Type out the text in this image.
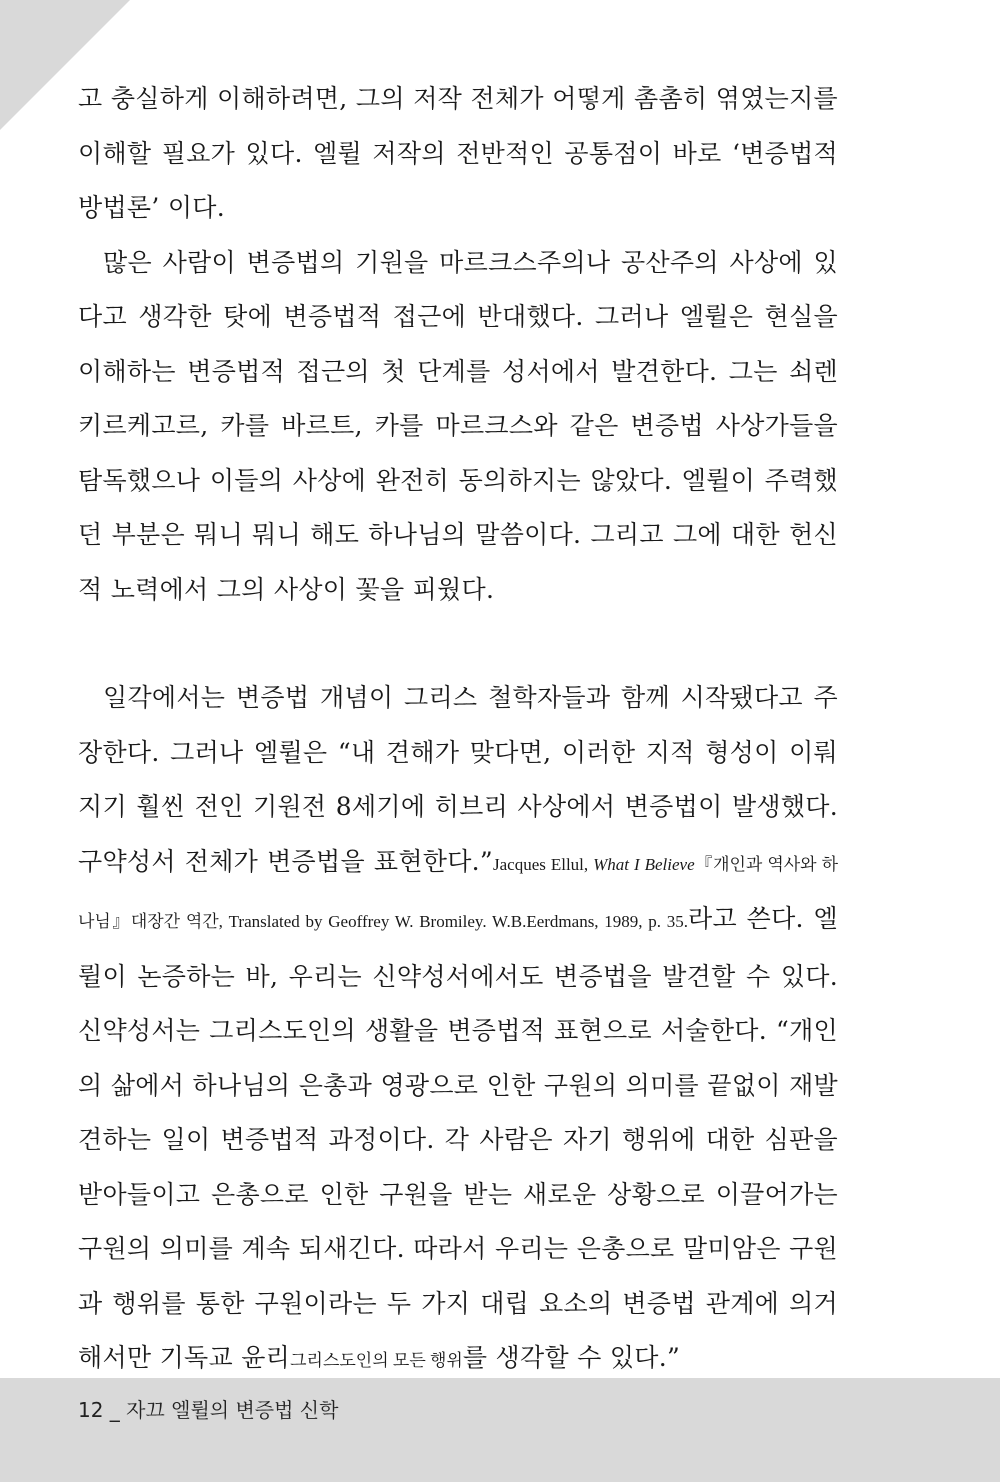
고 충실하게 이해하려면, 그의 저작 전체가 어떻게 촘촘히 엮였는지를 이해할 필요가 있다. 엘륄 저작의 전반적인 공통점이 바로 ‘변증법적 방법론’ 이다.

많은 사람이 변증법의 기원을 마르크스주의나 공산주의 사상에 있다고 생각한 탓에 변증법적 접근에 반대했다. 그러나 엘륄은 현실을 이해하는 변증법적 접근의 첫 단계를 성서에서 발견한다. 그는 쇠렌 키르케고르, 카를 바르트, 카를 마르크스와 같은 변증법 사상가들을 탐독했으나 이들의 사상에 완전히 동의하지는 않았다. 엘륄이 주력했던 부분은 뭐니 뭐니 해도 하나님의 말씀이다. 그리고 그에 대한 헌신적 노력에서 그의 사상이 꽃을 피웠다.

일각에서는 변증법 개념이 그리스 철학자들과 함께 시작됐다고 주장한다. 그러나 엘륄은 “내 견해가 맞다면, 이러한 지적 형성이 이뤄지기 훨씬 전인 기원전 8세기에 히브리 사상에서 변증법이 발생했다. 구약성서 전체가 변증법을 표현한다.”Jacques Ellul, What I Believe『개인과 역사와 하나님』대장간 역간, Translated by Geoffrey W. Bromiley. W.B.Eerdmans, 1989, p. 35.라고 쓴다. 엘륄이 논증하는 바, 우리는 신약성서에서도 변증법을 발견할 수 있다. 신약성서는 그리스도인의 생활을 변증법적 표현으로 서술한다. “개인의 삶에서 하나님의 은총과 영광으로 인한 구원의 의미를 끝없이 재발견하는 일이 변증법적 과정이다. 각 사람은 자기 행위에 대한 심판을 받아들이고 은총으로 인한 구원을 받는 새로운 상황으로 이끌어가는 구원의 의미를 계속 되새긴다. 따라서 우리는 은총으로 말미암은 구원과 행위를 통한 구원이라는 두 가지 대립 요소의 변증법 관계에 의거해서만 기독교 윤리그리스도인의 모든 행위를 생각할 수 있다.”

12 _ 자끄 엘륄의 변증법 신학
